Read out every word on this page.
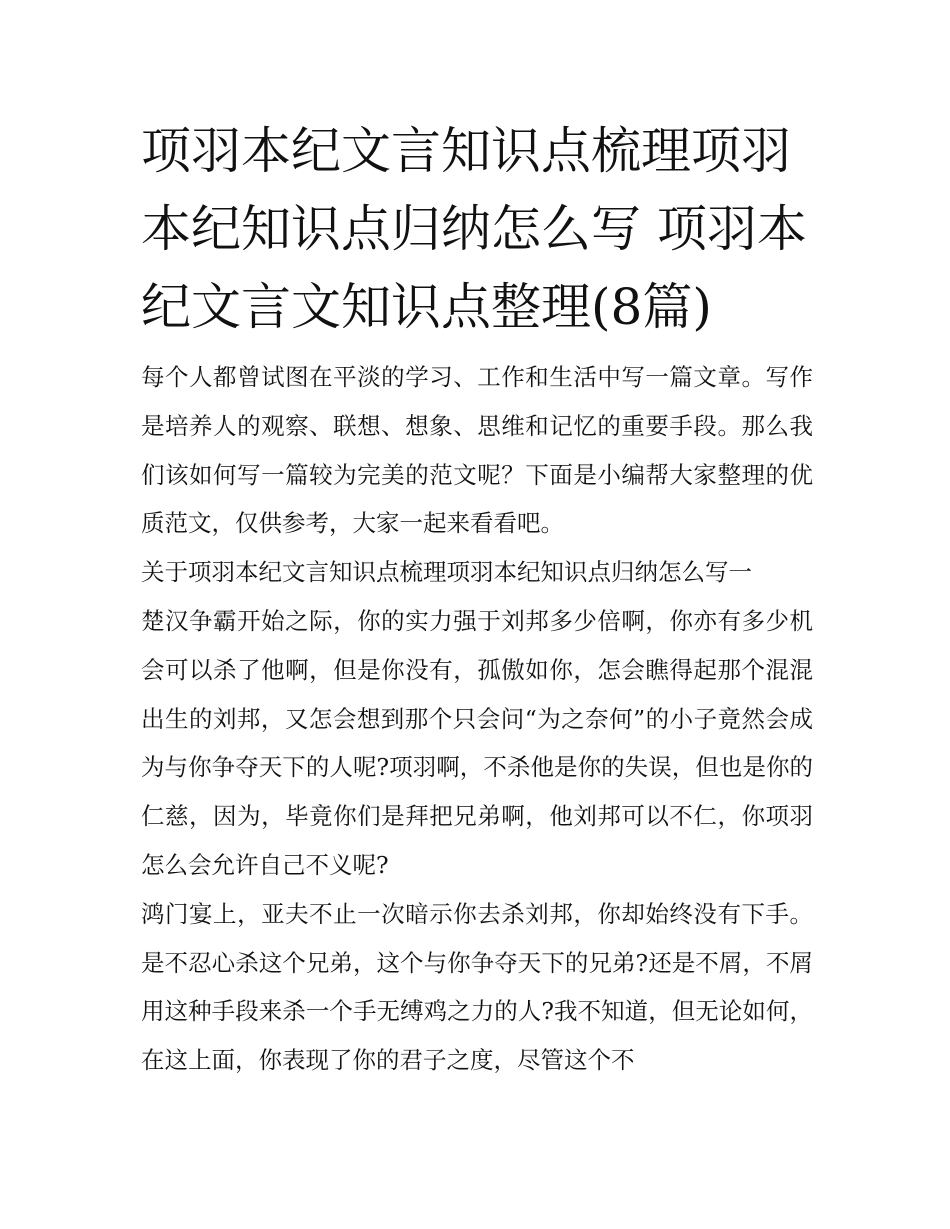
项羽本纪文言知识点梳理项羽本纪知识点归纳怎么写 项羽本纪文言文知识点整理(8篇)

每个人都曾试图在平淡的学习、工作和生活中写一篇文章。写作是培养人的观察、联想、想象、思维和记忆的重要手段。那么我们该如何写一篇较为完美的范文呢？下面是小编帮大家整理的优质范文，仅供参考，大家一起来看看吧。

关于项羽本纪文言知识点梳理项羽本纪知识点归纳怎么写一

楚汉争霸开始之际，你的实力强于刘邦多少倍啊，你亦有多少机会可以杀了他啊，但是你没有，孤傲如你，怎会瞧得起那个混混出生的刘邦，又怎会想到那个只会问“为之奈何”的小子竟然会成为与你争夺天下的人呢?项羽啊，不杀他是你的失误，但也是你的仁慈，因为，毕竟你们是拜把兄弟啊，他刘邦可以不仁，你项羽怎么会允许自己不义呢?

鸿门宴上，亚夫不止一次暗示你去杀刘邦，你却始终没有下手。是不忍心杀这个兄弟，这个与你争夺天下的兄弟?还是不屑，不屑用这种手段来杀一个手无缚鸡之力的人?我不知道，但无论如何，在这上面，你表现了你的君子之度，尽管这个不
